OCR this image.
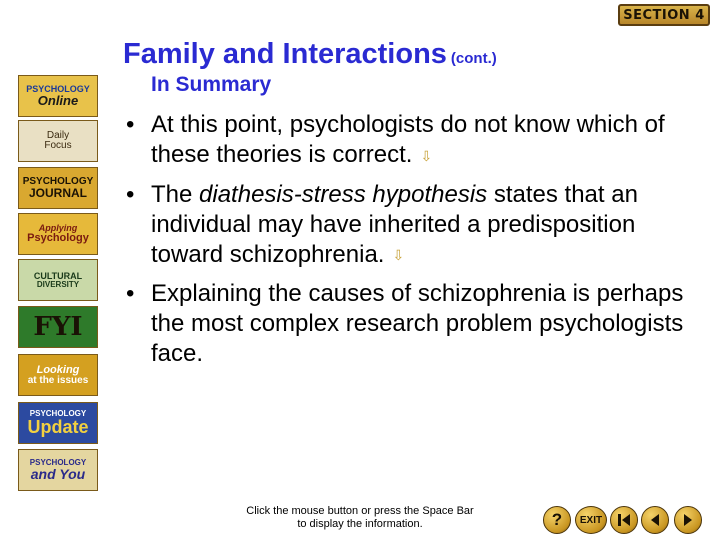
SECTION 4
PSYCHOLOGY
Online
Daily
Focus
PSYCHOLOGY
JOURNAL
Applying
Psychology
CULTURAL
DIVERSITY
FYI
Looking
at the issues
PSYCHOLOGY
Update
PSYCHOLOGY
and You
Family and Interactions (cont.)
In Summary
• At this point, psychologists do not know which of these theories is correct. ⇩
• The diathesis-stress hypothesis states that an individual may have inherited a predisposition toward schizophrenia. ⇩
• Explaining the causes of schizophrenia is perhaps the most complex research problem psychologists face.
Click the mouse button or press the Space Bar
to display the information.	? EXIT
